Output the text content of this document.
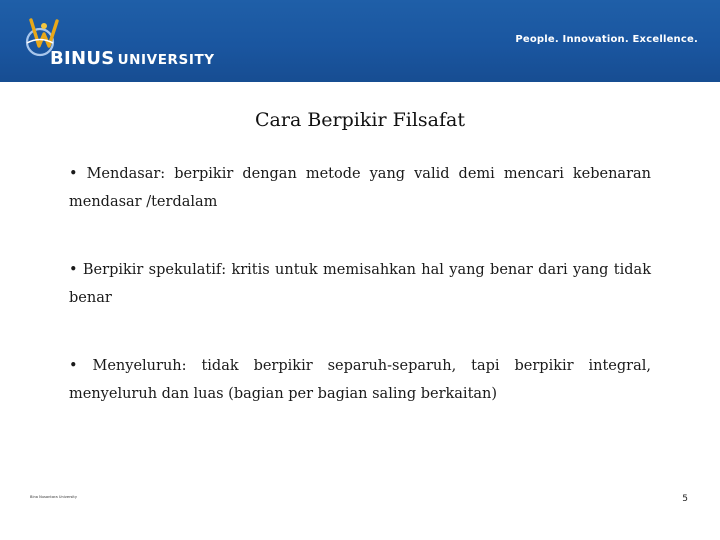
BINUS UNIVERSITY
People. Innovation. Excellence.
Cara Berpikir Filsafat
• Mendasar: berpikir dengan metode yang valid demi mencari kebenaran mendasar /terdalam
• Berpikir spekulatif: kritis untuk memisahkan hal yang benar dari yang tidak benar
• Menyeluruh: tidak berpikir separuh-separuh, tapi berpikir integral, menyeluruh dan luas (bagian per bagian saling berkaitan)
Bina Nusantara University	5
